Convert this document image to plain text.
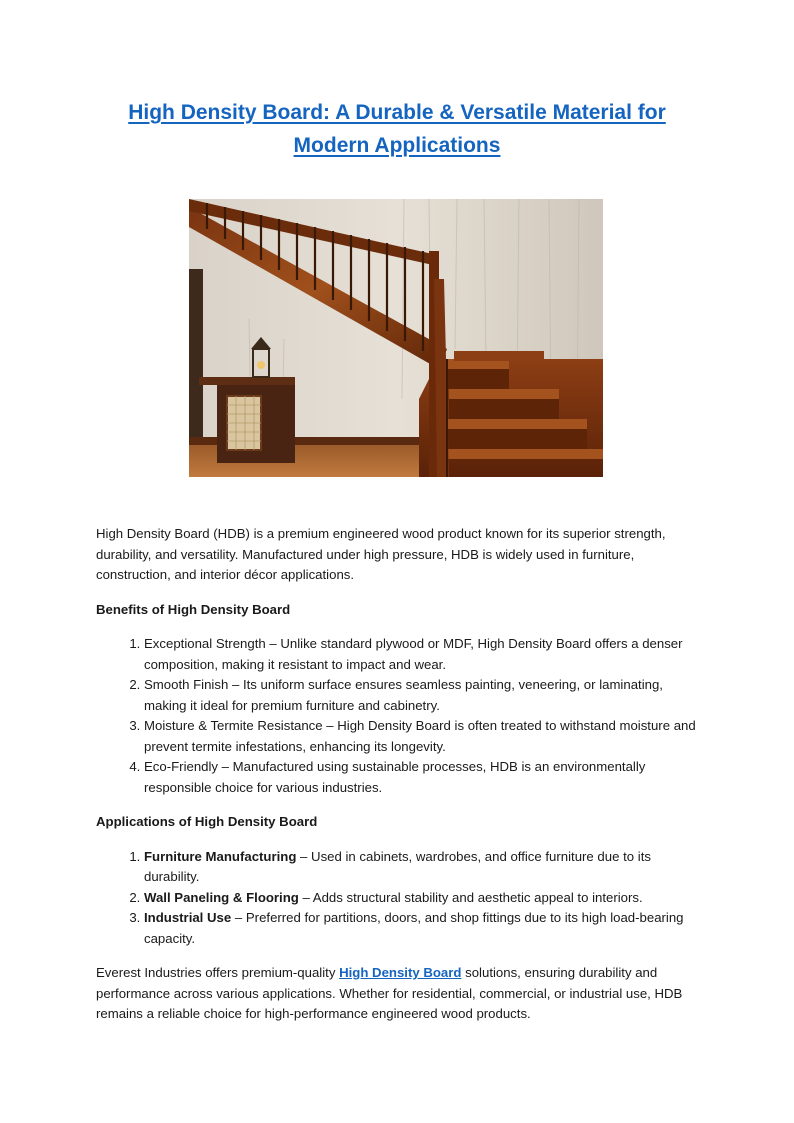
High Density Board: A Durable & Versatile Material for Modern Applications

High Density Board (HDB) is a premium engineered wood product known for its superior strength, durability, and versatility. Manufactured under high pressure, HDB is widely used in furniture, construction, and interior décor applications.

Benefits of High Density Board

1. Exceptional Strength – Unlike standard plywood or MDF, High Density Board offers a denser composition, making it resistant to impact and wear.
2. Smooth Finish – Its uniform surface ensures seamless painting, veneering, or laminating, making it ideal for premium furniture and cabinetry.
3. Moisture & Termite Resistance – High Density Board is often treated to withstand moisture and prevent termite infestations, enhancing its longevity.
4. Eco-Friendly – Manufactured using sustainable processes, HDB is an environmentally responsible choice for various industries.

Applications of High Density Board

1. Furniture Manufacturing – Used in cabinets, wardrobes, and office furniture due to its durability.
2. Wall Paneling & Flooring – Adds structural stability and aesthetic appeal to interiors.
3. Industrial Use – Preferred for partitions, doors, and shop fittings due to its high load-bearing capacity.

Everest Industries offers premium-quality High Density Board solutions, ensuring durability and performance across various applications. Whether for residential, commercial, or industrial use, HDB remains a reliable choice for high-performance engineered wood products.
